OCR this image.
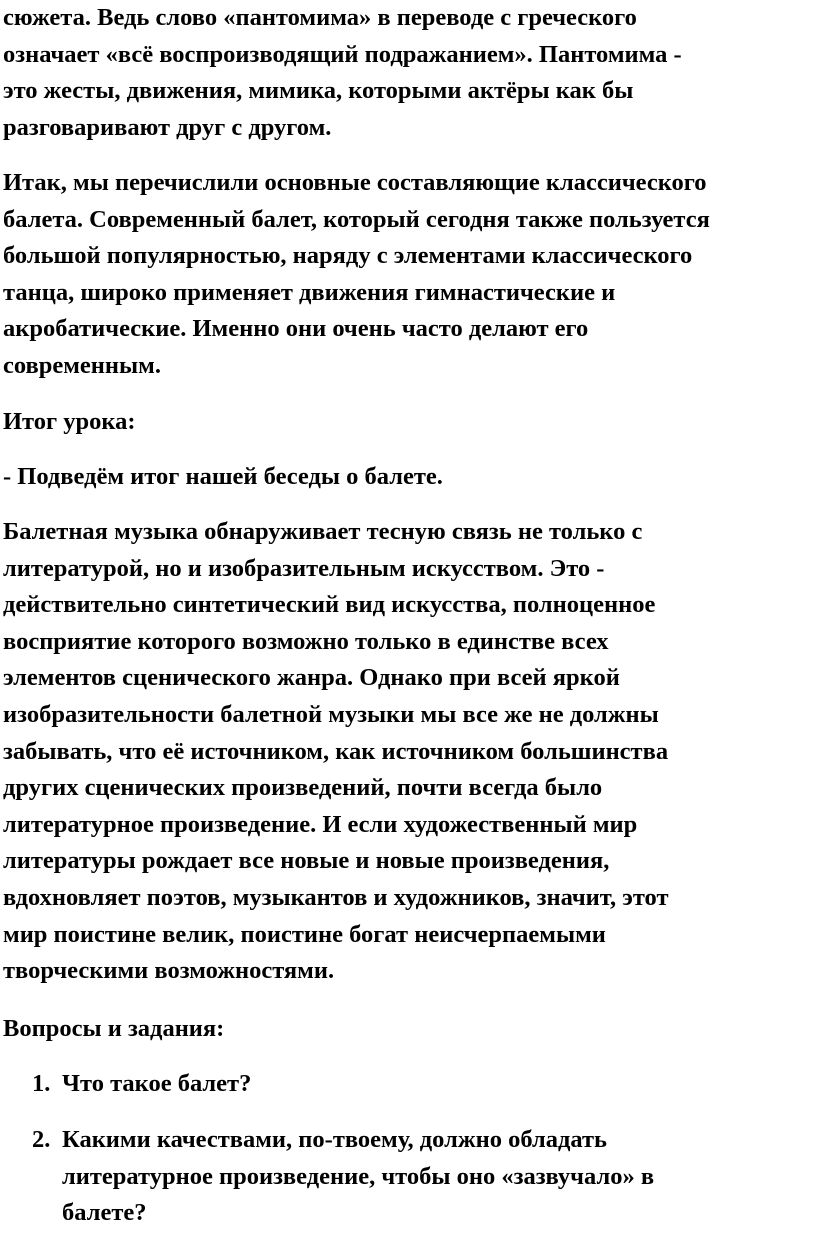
сюжета. Ведь слово «пантомима» в переводе с греческого
означает «всё воспроизводящий подражанием». Пантомима -
это жесты, движения, мимика, которыми актёры как бы
разговаривают друг с другом.
Итак, мы перечислили основные составляющие классического
балета. Современный балет, который сегодня также пользуется
большой популярностью, наряду с элементами классического
танца, широко применяет движения гимнастические и
акробатические. Именно они очень часто делают его
современным.
Итог урока:
- Подведём итог нашей беседы о балете.
Балетная музыка обнаруживает тесную связь не только с
литературой, но и изобразительным искусством. Это -
действительно синтетический вид искусства, полноценное
восприятие которого возможно только в единстве всех
элементов сценического жанра. Однако при всей яркой
изобразительности балетной музыки мы все же не должны
забывать, что её источником, как источником большинства
других сценических произведений, почти всегда было
литературное произведение. И если художественный мир
литературы рождает все новые и новые произведения,
вдохновляет поэтов, музыкантов и художников, значит, этот
мир поистине велик, поистине богат неисчерпаемыми
творческими возможностями.
Вопросы и задания:
1. Что такое балет?
2. Какими качествами, по-твоему, должно обладать
литературное произведение, чтобы оно «зазвучало» в
балете?
